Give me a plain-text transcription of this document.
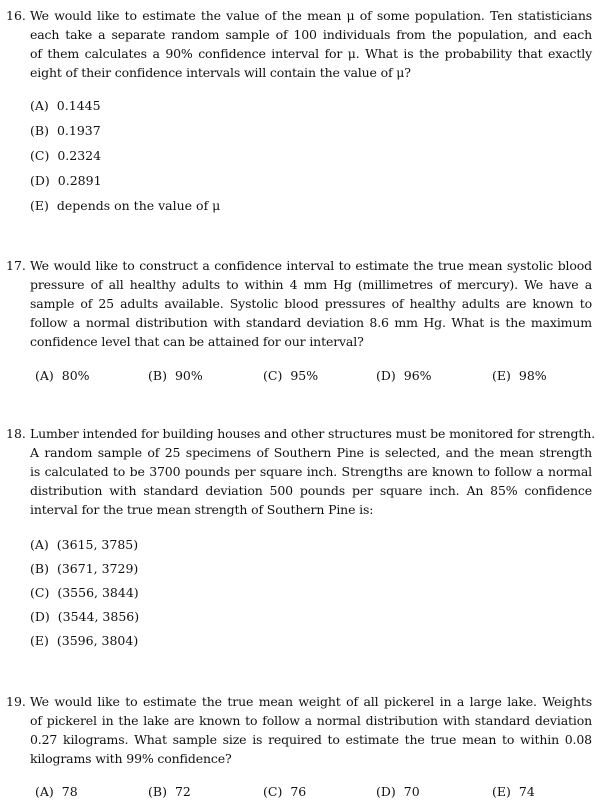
16. We would like to estimate the value of the mean μ of some population. Ten statisticians
each take a separate random sample of 100 individuals from the population, and each
of them calculates a 90% confidence interval for μ. What is the probability that exactly
eight of their confidence intervals will contain the value of μ?
(A) 0.1445
(B) 0.1937
(C) 0.2324
(D) 0.2891
(E) depends on the value of μ
17. We would like to construct a confidence interval to estimate the true mean systolic blood
pressure of all healthy adults to within 4 mm Hg (millimetres of mercury). We have a
sample of 25 adults available. Systolic blood pressures of healthy adults are known to
follow a normal distribution with standard deviation 8.6 mm Hg. What is the maximum
confidence level that can be attained for our interval?
(A) 80%	(B) 90%	(C) 95%	(D) 96%	(E) 98%
18. Lumber intended for building houses and other structures must be monitored for strength.
A random sample of 25 specimens of Southern Pine is selected, and the mean strength
is calculated to be 3700 pounds per square inch. Strengths are known to follow a normal
distribution with standard deviation 500 pounds per square inch. An 85% confidence
interval for the true mean strength of Southern Pine is:
(A) (3615, 3785)
(B) (3671, 3729)
(C) (3556, 3844)
(D) (3544, 3856)
(E) (3596, 3804)
19. We would like to estimate the true mean weight of all pickerel in a large lake. Weights
of pickerel in the lake are known to follow a normal distribution with standard deviation
0.27 kilograms. What sample size is required to estimate the true mean to within 0.08
kilograms with 99% confidence?
(A) 78	(B) 72	(C) 76	(D) 70	(E) 74
